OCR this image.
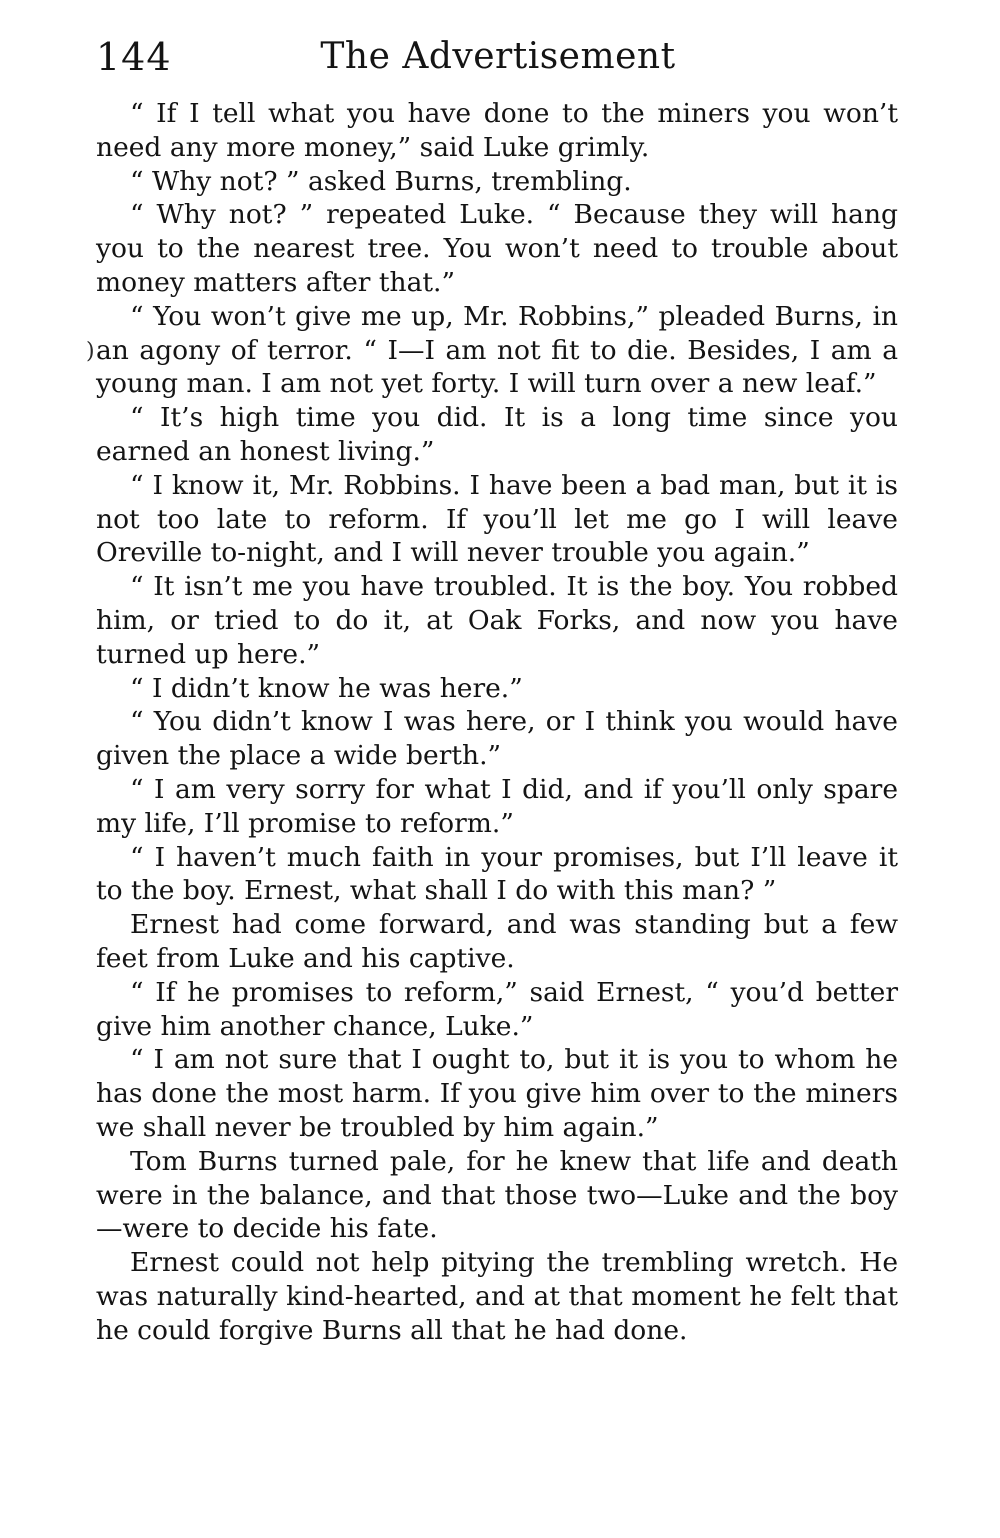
144	The Advertisement
)

“ If I tell what you have done to the miners you won’t need any more money,” said Luke grimly.

“ Why not? ” asked Burns, trembling.

“ Why not? ” repeated Luke. “ Because they will hang you to the nearest tree. You won’t need to trouble about money matters after that.”

“ You won’t give me up, Mr. Robbins,” pleaded Burns, in an agony of terror. “ I—I am not fit to die. Besides, I am a young man. I am not yet forty. I will turn over a new leaf.”

“ It’s high time you did. It is a long time since you earned an honest living.”

“ I know it, Mr. Robbins. I have been a bad man, but it is not too late to reform. If you’ll let me go I will leave Oreville to-night, and I will never trouble you again.”

“ It isn’t me you have troubled. It is the boy. You robbed him, or tried to do it, at Oak Forks, and now you have turned up here.”

“ I didn’t know he was here.”

“ You didn’t know I was here, or I think you would have given the place a wide berth.”

“ I am very sorry for what I did, and if you’ll only spare my life, I’ll promise to reform.”

“ I haven’t much faith in your promises, but I’ll leave it to the boy. Ernest, what shall I do with this man? ”

Ernest had come forward, and was standing but a few feet from Luke and his captive.

“ If he promises to reform,” said Ernest, “ you’d better give him another chance, Luke.”

“ I am not sure that I ought to, but it is you to whom he has done the most harm. If you give him over to the miners we shall never be troubled by him again.”

Tom Burns turned pale, for he knew that life and death were in the balance, and that those two—Luke and the boy—were to decide his fate.

Ernest could not help pitying the trembling wretch. He was naturally kind-hearted, and at that moment he felt that he could forgive Burns all that he had done.
